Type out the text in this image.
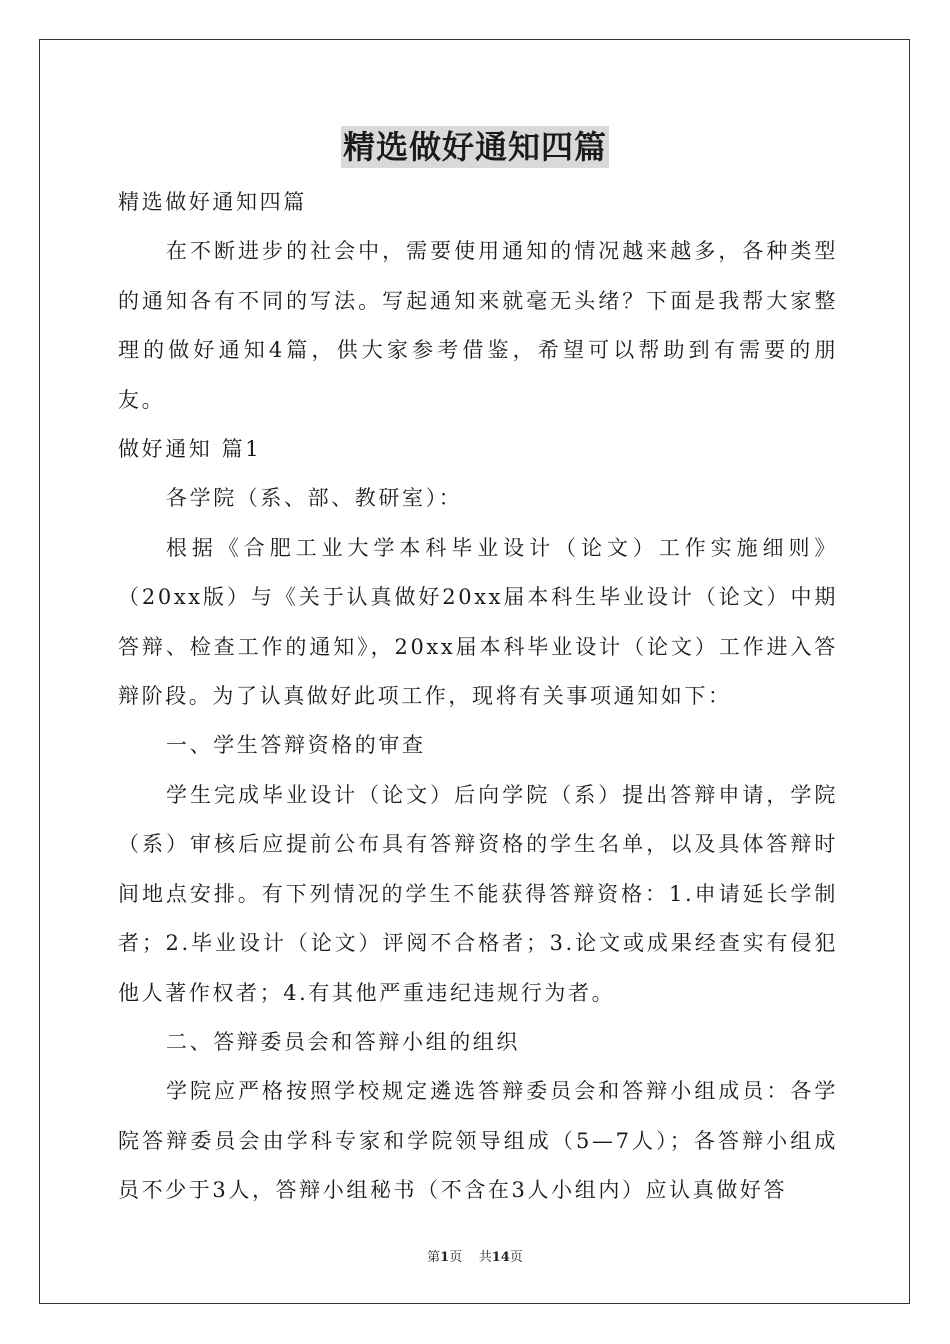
精选做好通知四篇

精选做好通知四篇

在不断进步的社会中，需要使用通知的情况越来越多，各种类型的通知各有不同的写法。写起通知来就毫无头绪？下面是我帮大家整理的做好通知4篇，供大家参考借鉴，希望可以帮助到有需要的朋友。

做好通知 篇1

各学院（系、部、教研室）：

根据《合肥工业大学本科毕业设计（论文）工作实施细则》（20xx版）与《关于认真做好20xx届本科生毕业设计（论文）中期答辩、检查工作的通知》，20xx届本科毕业设计（论文）工作进入答辩阶段。为了认真做好此项工作，现将有关事项通知如下：

一、学生答辩资格的审查

学生完成毕业设计（论文）后向学院（系）提出答辩申请，学院（系）审核后应提前公布具有答辩资格的学生名单，以及具体答辩时间地点安排。有下列情况的学生不能获得答辩资格：1.申请延长学制者；2.毕业设计（论文）评阅不合格者；3.论文或成果经查实有侵犯他人著作权者；4.有其他严重违纪违规行为者。

二、答辩委员会和答辩小组的组织

学院应严格按照学校规定遴选答辩委员会和答辩小组成员：各学院答辩委员会由学科专家和学院领导组成（5—7人）；各答辩小组成员不少于3人，答辩小组秘书（不含在3人小组内）应认真做好答

第1页 共14页
